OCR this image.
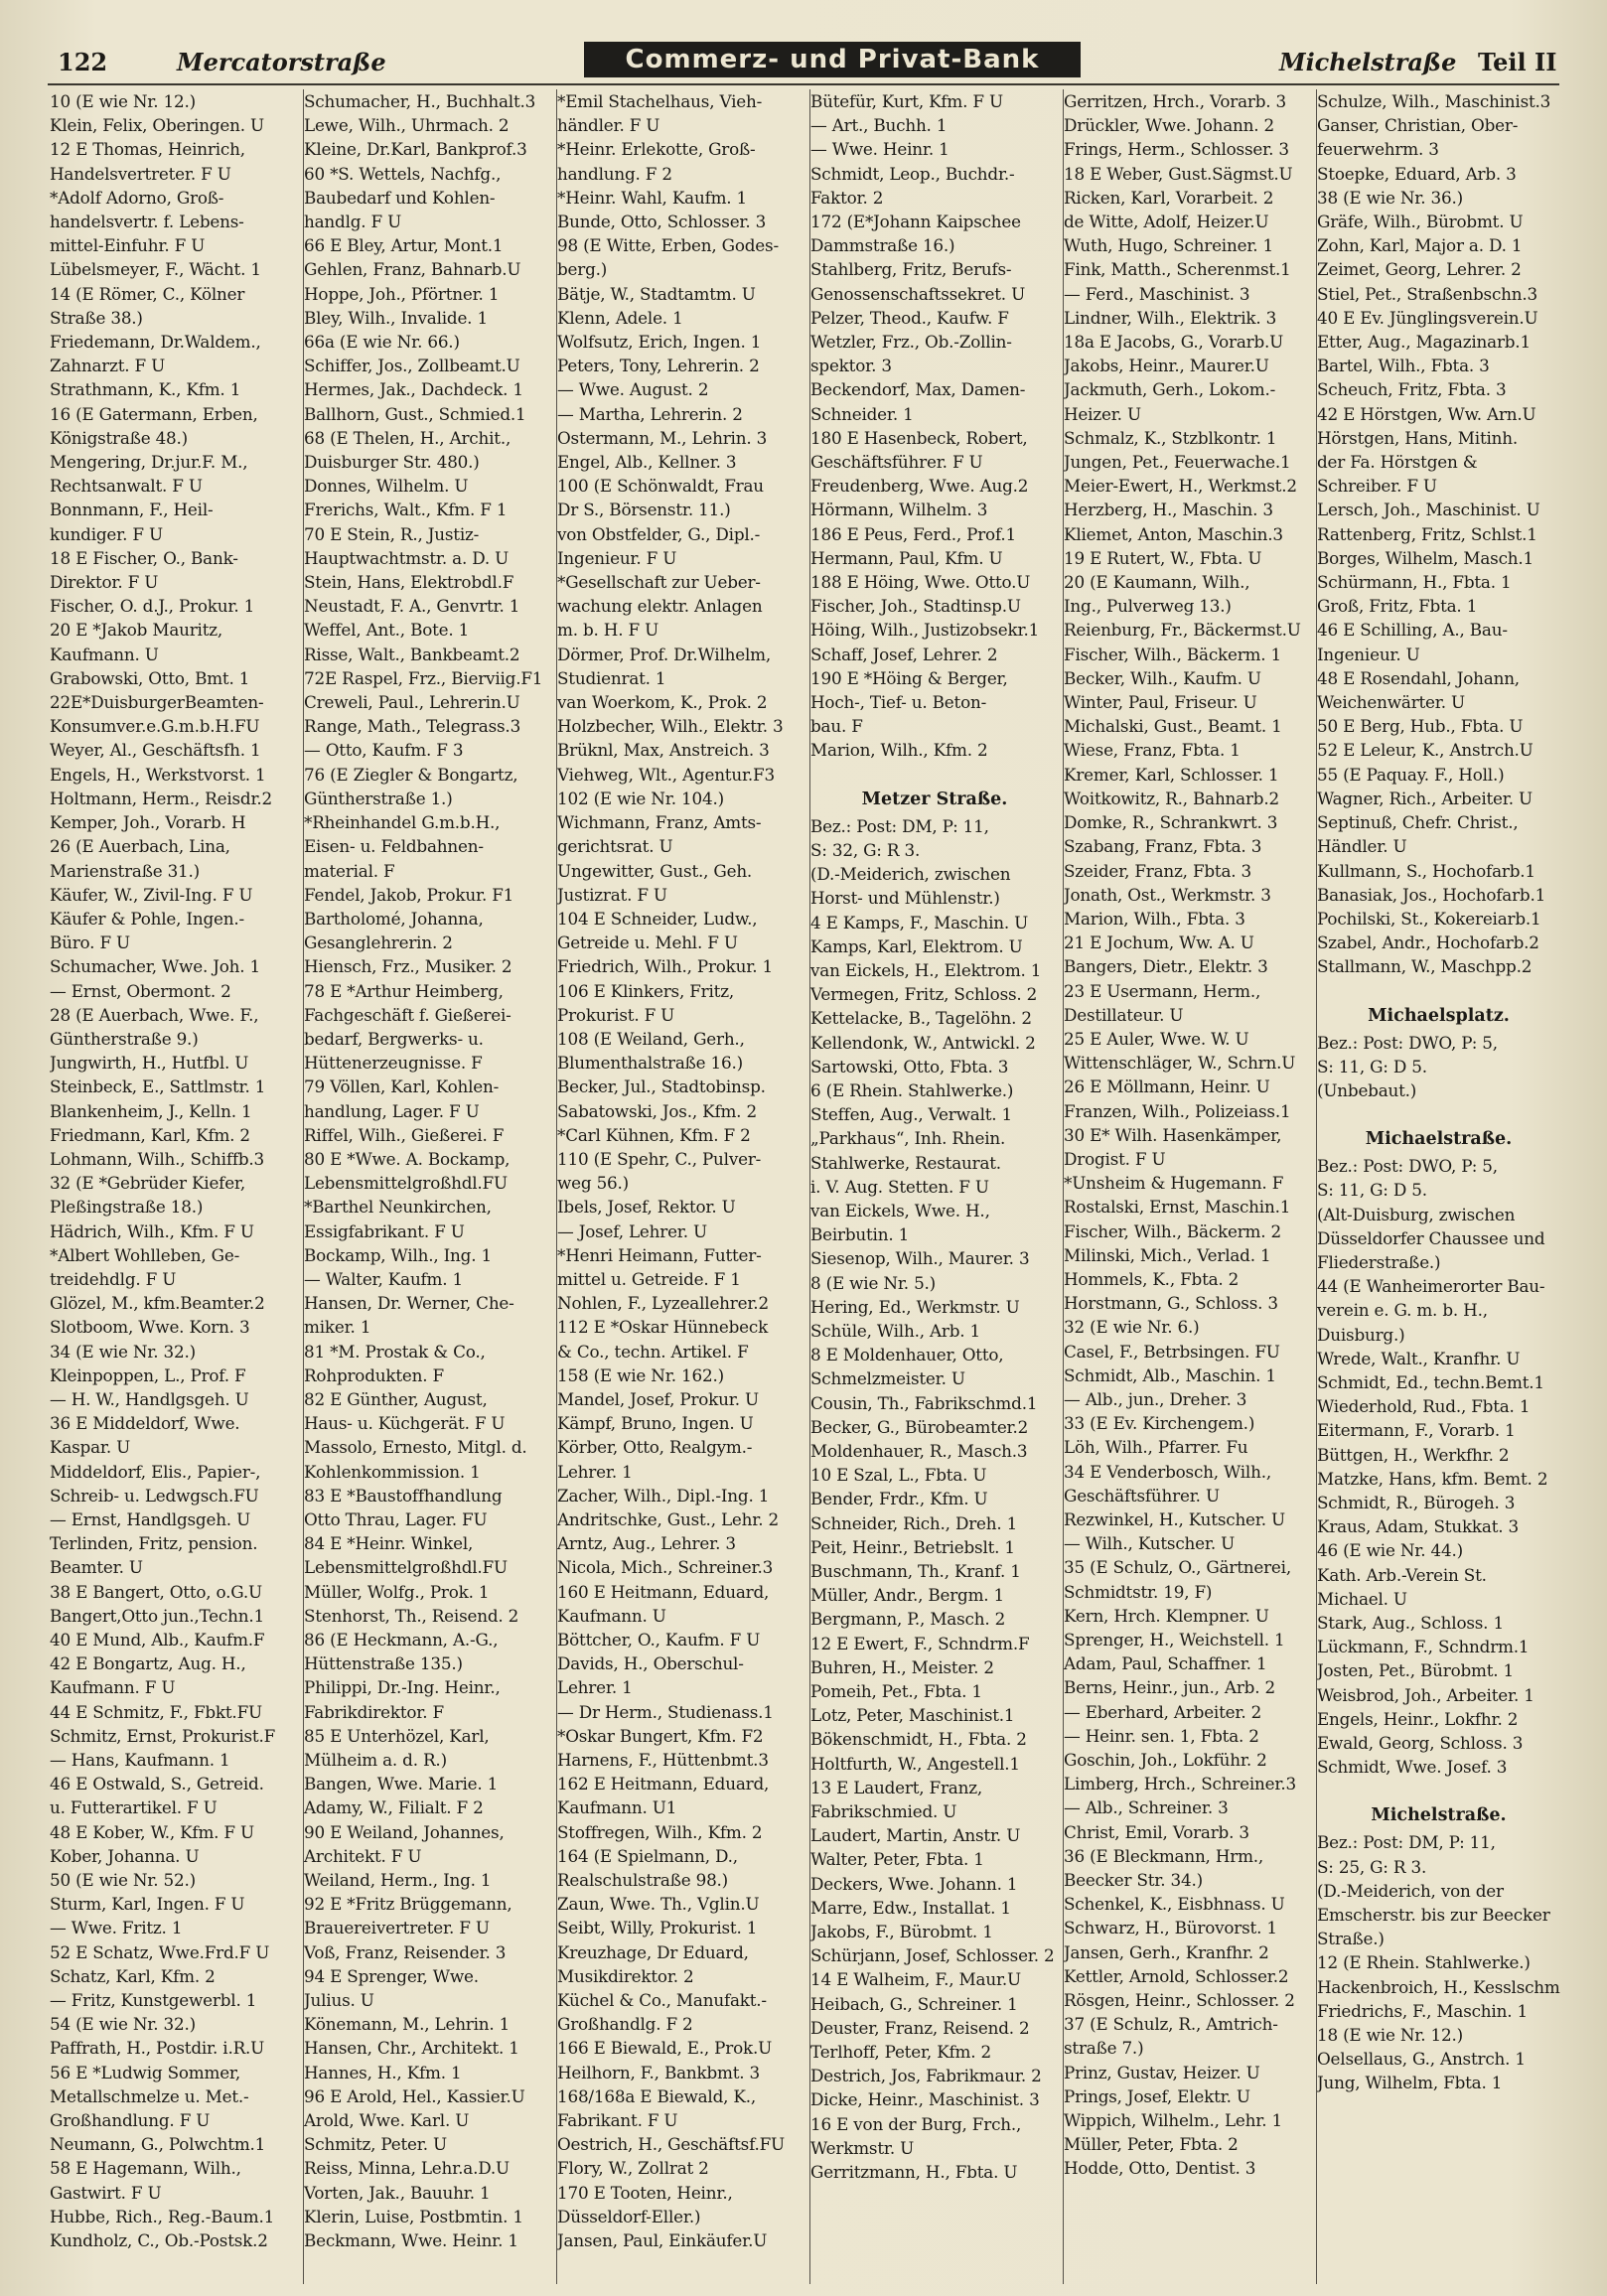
122	Mercatorstraße	Commerz- und Privat-Bank	Michelstraße Teil II
10 (E wie Nr. 12.)
Klein, Felix, Oberingen. U
12 E Thomas, Heinrich,
Handelsvertreter. F U
*Adolf Adorno, Groß-
handelsvertr. f. Lebens-
mittel-Einfuhr. F U
Lübelsmeyer, F., Wächt. 1
14 (E Römer, C., Kölner
Straße 38.)
Friedemann, Dr.Waldem.,
Zahnarzt. F U
Strathmann, K., Kfm. 1
16 (E Gatermann, Erben,
Königstraße 48.)
Mengering, Dr.jur.F. M.,
Rechtsanwalt. F U
Bonnmann, F., Heil-
kundiger. F U
18 E Fischer, O., Bank-
Direktor. F U
Fischer, O. d.J., Prokur. 1
20 E *Jakob Mauritz,
Kaufmann. U
Grabowski, Otto, Bmt. 1
22E*DuisburgerBeamten-
Konsumver.e.G.m.b.H.FU
Weyer, Al., Geschäftsfh. 1
Engels, H., Werkstvorst. 1
Holtmann, Herm., Reisdr.2
Kemper, Joh., Vorarb. H
26 (E Auerbach, Lina,
Marienstraße 31.)
Käufer, W., Zivil-Ing. F U
Käufer & Pohle, Ingen.-
Büro. F U
Schumacher, Wwe. Joh. 1
— Ernst, Obermont. 2
28 (E Auerbach, Wwe. F.,
Güntherstraße 9.)
Jungwirth, H., Hutfbl. U
Steinbeck, E., Sattlmstr. 1
Blankenheim, J., Kelln. 1
Friedmann, Karl, Kfm. 2
Lohmann, Wilh., Schiffb.3
32 (E *Gebrüder Kiefer,
Pleßingstraße 18.)
Hädrich, Wilh., Kfm. F U
*Albert Wohlleben, Ge-
treidehdlg. F U
Glözel, M., kfm.Beamter.2
Slotboom, Wwe. Korn. 3
34 (E wie Nr. 32.)
Kleinpoppen, L., Prof. F
— H. W., Handlgsgeh. U
36 E Middeldorf, Wwe.
Kaspar. U
Middeldorf, Elis., Papier-,
Schreib- u. Ledwgsch.FU
— Ernst, Handlgsgeh. U
Terlinden, Fritz, pension.
Beamter. U
38 E Bangert, Otto, o.G.U
Bangert,Otto jun.,Techn.1
40 E Mund, Alb., Kaufm.F
42 E Bongartz, Aug. H.,
Kaufmann. F U
44 E Schmitz, F., Fbkt.FU
Schmitz, Ernst, Prokurist.F
— Hans, Kaufmann. 1
46 E Ostwald, S., Getreid.
u. Futterartikel. F U
48 E Kober, W., Kfm. F U
Kober, Johanna. U
50 (E wie Nr. 52.)
Sturm, Karl, Ingen. F U
— Wwe. Fritz. 1
52 E Schatz, Wwe.Frd.F U
Schatz, Karl, Kfm. 2
— Fritz, Kunstgewerbl. 1
54 (E wie Nr. 32.)
Paffrath, H., Postdir. i.R.U
56 E *Ludwig Sommer,
Metallschmelze u. Met.-
Großhandlung. F U
Neumann, G., Polwchtm.1
58 E Hagemann, Wilh.,
Gastwirt. F U
Hubbe, Rich., Reg.-Baum.1
Kundholz, C., Ob.-Postsk.2
Schumacher, H., Buchhalt.3
Lewe, Wilh., Uhrmach. 2
Kleine, Dr.Karl, Bankprof.3
60 *S. Wettels, Nachfg.,
Baubedarf und Kohlen-
handlg. F U
66 E Bley, Artur, Mont.1
Gehlen, Franz, Bahnarb.U
Hoppe, Joh., Pförtner. 1
Bley, Wilh., Invalide. 1
66a (E wie Nr. 66.)
Schiffer, Jos., Zollbeamt.U
Hermes, Jak., Dachdeck. 1
Ballhorn, Gust., Schmied.1
68 (E Thelen, H., Archit.,
Duisburger Str. 480.)
Donnes, Wilhelm. U
Frerichs, Walt., Kfm. F 1
70 E Stein, R., Justiz-
Hauptwachtmstr. a. D. U
Stein, Hans, Elektrobdl.F
Neustadt, F. A., Genvrtr. 1
Weffel, Ant., Bote. 1
Risse, Walt., Bankbeamt.2
72E Raspel, Frz., Bierviig.F1
Creweli, Paul., Lehrerin.U
Range, Math., Telegrass.3
— Otto, Kaufm. F 3
76 (E Ziegler & Bongartz,
Güntherstraße 1.)
*Rheinhandel G.m.b.H.,
Eisen- u. Feldbahnen-
material. F
Fendel, Jakob, Prokur. F1
Bartholomé, Johanna,
Gesanglehrerin. 2
Hiensch, Frz., Musiker. 2
78 E *Arthur Heimberg,
Fachgeschäft f. Gießerei-
bedarf, Bergwerks- u.
Hüttenerzeugnisse. F
79 Völlen, Karl, Kohlen-
handlung, Lager. F U
Riffel, Wilh., Gießerei. F
80 E *Wwe. A. Bockamp,
Lebensmittelgroßhdl.FU
*Barthel Neunkirchen,
Essigfabrikant. F U
Bockamp, Wilh., Ing. 1
— Walter, Kaufm. 1
Hansen, Dr. Werner, Che-
miker. 1
81 *M. Prostak & Co.,
Rohprodukten. F
82 E Günther, August,
Haus- u. Küchgerät. F U
Massolo, Ernesto, Mitgl. d.
Kohlenkommission. 1
83 E *Baustoffhandlung
Otto Thrau, Lager. FU
84 E *Heinr. Winkel,
Lebensmittelgroßhdl.FU
Müller, Wolfg., Prok. 1
Stenhorst, Th., Reisend. 2
86 (E Heckmann, A.-G.,
Hüttenstraße 135.)
Philippi, Dr.-Ing. Heinr.,
Fabrikdirektor. F
85 E Unterhözel, Karl,
Mülheim a. d. R.)
Bangen, Wwe. Marie. 1
Adamy, W., Filialt. F 2
90 E Weiland, Johannes,
Architekt. F U
Weiland, Herm., Ing. 1
92 E *Fritz Brüggemann,
Brauereivertreter. F U
Voß, Franz, Reisender. 3
94 E Sprenger, Wwe.
Julius. U
Könemann, M., Lehrin. 1
Hansen, Chr., Architekt. 1
Hannes, H., Kfm. 1
96 E Arold, Hel., Kassier.U
Arold, Wwe. Karl. U
Schmitz, Peter. U
Reiss, Minna, Lehr.a.D.U
Vorten, Jak., Bauuhr. 1
Klerin, Luise, Postbmtin. 1
Beckmann, Wwe. Heinr. 1
*Emil Stachelhaus, Vieh-
händler. F U
*Heinr. Erlekotte, Groß-
handlung. F 2
*Heinr. Wahl, Kaufm. 1
Bunde, Otto, Schlosser. 3
98 (E Witte, Erben, Godes-
berg.)
Bätje, W., Stadtamtm. U
Klenn, Adele. 1
Wolfsutz, Erich, Ingen. 1
Peters, Tony, Lehrerin. 2
— Wwe. August. 2
— Martha, Lehrerin. 2
Ostermann, M., Lehrin. 3
Engel, Alb., Kellner. 3
100 (E Schönwaldt, Frau
Dr S., Börsenstr. 11.)
von Obstfelder, G., Dipl.-
Ingenieur. F U
*Gesellschaft zur Ueber-
wachung elektr. Anlagen
m. b. H. F U
Dörmer, Prof. Dr.Wilhelm,
Studienrat. 1
van Woerkom, K., Prok. 2
Holzbecher, Wilh., Elektr. 3
Brüknl, Max, Anstreich. 3
Viehweg, Wlt., Agentur.F3
102 (E wie Nr. 104.)
Wichmann, Franz, Amts-
gerichtsrat. U
Ungewitter, Gust., Geh.
Justizrat. F U
104 E Schneider, Ludw.,
Getreide u. Mehl. F U
Friedrich, Wilh., Prokur. 1
106 E Klinkers, Fritz,
Prokurist. F U
108 (E Weiland, Gerh.,
Blumenthalstraße 16.)
Becker, Jul., Stadtobinsp.
Sabatowski, Jos., Kfm. 2
*Carl Kühnen, Kfm. F 2
110 (E Spehr, C., Pulver-
weg 56.)
Ibels, Josef, Rektor. U
— Josef, Lehrer. U
*Henri Heimann, Futter-
mittel u. Getreide. F 1
Nohlen, F., Lyzeallehrer.2
112 E *Oskar Hünnebeck
& Co., techn. Artikel. F
158 (E wie Nr. 162.)
Mandel, Josef, Prokur. U
Kämpf, Bruno, Ingen. U
Körber, Otto, Realgym.-
Lehrer. 1
Zacher, Wilh., Dipl.-Ing. 1
Andritschke, Gust., Lehr. 2
Arntz, Aug., Lehrer. 3
Nicola, Mich., Schreiner.3
160 E Heitmann, Eduard,
Kaufmann. U
Böttcher, O., Kaufm. F U
Davids, H., Oberschul-
Lehrer. 1
— Dr Herm., Studienass.1
*Oskar Bungert, Kfm. F2
Harnens, F., Hüttenbmt.3
162 E Heitmann, Eduard,
Kaufmann. U1
Stoffregen, Wilh., Kfm. 2
164 (E Spielmann, D.,
Realschulstraße 98.)
Zaun, Wwe. Th., Vglin.U
Seibt, Willy, Prokurist. 1
Kreuzhage, Dr Eduard,
Musikdirektor. 2
Küchel & Co., Manufakt.-
Großhandlg. F 2
166 E Biewald, E., Prok.U
Heilhorn, F., Bankbmt. 3
168/168a E Biewald, K.,
Fabrikant. F U
Oestrich, H., Geschäftsf.FU
Flory, W., Zollrat 2
170 E Tooten, Heinr.,
Düsseldorf-Eller.)
Jansen, Paul, Einkäufer.U
Bütefür, Kurt, Kfm. F U
— Art., Buchh. 1
— Wwe. Heinr. 1
Schmidt, Leop., Buchdr.-
Faktor. 2
172 (E*Johann Kaipschee
Dammstraße 16.)
Stahlberg, Fritz, Berufs-
Genossenschaftssekret. U
Pelzer, Theod., Kaufw. F
Wetzler, Frz., Ob.-Zollin-
spektor. 3
Beckendorf, Max, Damen-
Schneider. 1
180 E Hasenbeck, Robert,
Geschäftsführer. F U
Freudenberg, Wwe. Aug.2
Hörmann, Wilhelm. 3
186 E Peus, Ferd., Prof.1
Hermann, Paul, Kfm. U
188 E Höing, Wwe. Otto.U
Fischer, Joh., Stadtinsp.U
Höing, Wilh., Justizobsekr.1
Schaff, Josef, Lehrer. 2
190 E *Höing & Berger,
Hoch-, Tief- u. Beton-
bau. F
Marion, Wilh., Kfm. 2
Metzer Straße.
Bez.: Post: DM, P: 11,
S: 32, G: R 3.
(D.-Meiderich, zwischen
Horst- und Mühlenstr.)
4 E Kamps, F., Maschin. U
Kamps, Karl, Elektrom. U
van Eickels, H., Elektrom. 1
Vermegen, Fritz, Schloss. 2
Kettelacke, B., Tagelöhn. 2
Kellendonk, W., Antwickl. 2
Sartowski, Otto, Fbta. 3
6 (E Rhein. Stahlwerke.)
Steffen, Aug., Verwalt. 1
„Parkhaus“, Inh. Rhein.
Stahlwerke, Restaurat.
i. V. Aug. Stetten. F U
van Eickels, Wwe. H.,
Beirbutin. 1
Siesenop, Wilh., Maurer. 3
8 (E wie Nr. 5.)
Hering, Ed., Werkmstr. U
Schüle, Wilh., Arb. 1
8 E Moldenhauer, Otto,
Schmelzmeister. U
Cousin, Th., Fabrikschmd.1
Becker, G., Bürobeamter.2
Moldenhauer, R., Masch.3
10 E Szal, L., Fbta. U
Bender, Frdr., Kfm. U
Schneider, Rich., Dreh. 1
Peit, Heinr., Betriebslt. 1
Buschmann, Th., Kranf. 1
Müller, Andr., Bergm. 1
Bergmann, P., Masch. 2
12 E Ewert, F., Schndrm.F
Buhren, H., Meister. 2
Pomeih, Pet., Fbta. 1
Lotz, Peter, Maschinist.1
Bökenschmidt, H., Fbta. 2
Holtfurth, W., Angestell.1
13 E Laudert, Franz,
Fabrikschmied. U
Laudert, Martin, Anstr. U
Walter, Peter, Fbta. 1
Deckers, Wwe. Johann. 1
Marre, Edw., Installat. 1
Jakobs, F., Bürobmt. 1
Schürjann, Josef, Schlosser. 2
14 E Walheim, F., Maur.U
Heibach, G., Schreiner. 1
Deuster, Franz, Reisend. 2
Terlhoff, Peter, Kfm. 2
Destrich, Jos, Fabrikmaur. 2
Dicke, Heinr., Maschinist. 3
16 E von der Burg, Frch.,
Werkmstr. U
Gerritzmann, H., Fbta. U
Gerritzen, Hrch., Vorarb. 3
Drückler, Wwe. Johann. 2
Frings, Herm., Schlosser. 3
18 E Weber, Gust.Sägmst.U
Ricken, Karl, Vorarbeit. 2
de Witte, Adolf, Heizer.U
Wuth, Hugo, Schreiner. 1
Fink, Matth., Scherenmst.1
— Ferd., Maschinist. 3
Lindner, Wilh., Elektrik. 3
18a E Jacobs, G., Vorarb.U
Jakobs, Heinr., Maurer.U
Jackmuth, Gerh., Lokom.-
Heizer. U
Schmalz, K., Stzblkontr. 1
Jungen, Pet., Feuerwache.1
Meier-Ewert, H., Werkmst.2
Herzberg, H., Maschin. 3
Kliemet, Anton, Maschin.3
19 E Rutert, W., Fbta. U
20 (E Kaumann, Wilh.,
Ing., Pulverweg 13.)
Reienburg, Fr., Bäckermst.U
Fischer, Wilh., Bäckerm. 1
Becker, Wilh., Kaufm. U
Winter, Paul, Friseur. U
Michalski, Gust., Beamt. 1
Wiese, Franz, Fbta. 1
Kremer, Karl, Schlosser. 1
Woitkowitz, R., Bahnarb.2
Domke, R., Schrankwrt. 3
Szabang, Franz, Fbta. 3
Szeider, Franz, Fbta. 3
Jonath, Ost., Werkmstr. 3
Marion, Wilh., Fbta. 3
21 E Jochum, Ww. A. U
Bangers, Dietr., Elektr. 3
23 E Usermann, Herm.,
Destillateur. U
25 E Auler, Wwe. W. U
Wittenschläger, W., Schrn.U
26 E Möllmann, Heinr. U
Franzen, Wilh., Polizeiass.1
30 E* Wilh. Hasenkämper,
Drogist. F U
*Unsheim & Hugemann. F
Rostalski, Ernst, Maschin.1
Fischer, Wilh., Bäckerm. 2
Milinski, Mich., Verlad. 1
Hommels, K., Fbta. 2
Horstmann, G., Schloss. 3
32 (E wie Nr. 6.)
Casel, F., Betrbsingen. FU
Schmidt, Alb., Maschin. 1
— Alb., jun., Dreher. 3
33 (E Ev. Kirchengem.)
Löh, Wilh., Pfarrer. Fu
34 E Venderbosch, Wilh.,
Geschäftsführer. U
Rezwinkel, H., Kutscher. U
— Wilh., Kutscher. U
35 (E Schulz, O., Gärtnerei,
Schmidtstr. 19, F)
Kern, Hrch. Klempner. U
Sprenger, H., Weichstell. 1
Adam, Paul, Schaffner. 1
Berns, Heinr., jun., Arb. 2
— Eberhard, Arbeiter. 2
— Heinr. sen. 1, Fbta. 2
Goschin, Joh., Lokführ. 2
Limberg, Hrch., Schreiner.3
— Alb., Schreiner. 3
Christ, Emil, Vorarb. 3
36 (E Bleckmann, Hrm.,
Beecker Str. 34.)
Schenkel, K., Eisbhnass. U
Schwarz, H., Bürovorst. 1
Jansen, Gerh., Kranfhr. 2
Kettler, Arnold, Schlosser.2
Rösgen, Heinr., Schlosser. 2
37 (E Schulz, R., Amtrich-
straße 7.)
Prinz, Gustav, Heizer. U
Prings, Josef, Elektr. U
Wippich, Wilhelm., Lehr. 1
Müller, Peter, Fbta. 2
Hodde, Otto, Dentist. 3
Schulze, Wilh., Maschinist.3
Ganser, Christian, Ober-
feuerwehrm. 3
Stoepke, Eduard, Arb. 3
38 (E wie Nr. 36.)
Gräfe, Wilh., Bürobmt. U
Zohn, Karl, Major a. D. 1
Zeimet, Georg, Lehrer. 2
Stiel, Pet., Straßenbschn.3
40 E Ev. Jünglingsverein.U
Etter, Aug., Magazinarb.1
Bartel, Wilh., Fbta. 3
Scheuch, Fritz, Fbta. 3
42 E Hörstgen, Ww. Arn.U
Hörstgen, Hans, Mitinh.
der Fa. Hörstgen &
Schreiber. F U
Lersch, Joh., Maschinist. U
Rattenberg, Fritz, Schlst.1
Borges, Wilhelm, Masch.1
Schürmann, H., Fbta. 1
Groß, Fritz, Fbta. 1
46 E Schilling, A., Bau-
Ingenieur. U
48 E Rosendahl, Johann,
Weichenwärter. U
50 E Berg, Hub., Fbta. U
52 E Leleur, K., Anstrch.U
55 (E Paquay. F., Holl.)
Wagner, Rich., Arbeiter. U
Septinuß, Chefr. Christ.,
Händler. U
Kullmann, S., Hochofarb.1
Banasiak, Jos., Hochofarb.1
Pochilski, St., Kokereiarb.1
Szabel, Andr., Hochofarb.2
Stallmann, W., Maschpp.2
Michaelsplatz.
Bez.: Post: DWO, P: 5,
S: 11, G: D 5.
(Unbebaut.)
Michaelstraße.
Bez.: Post: DWO, P: 5,
S: 11, G: D 5.
(Alt-Duisburg, zwischen
Düsseldorfer Chaussee und
Fliederstraße.)
44 (E Wanheimerorter Bau-
verein e. G. m. b. H.,
Duisburg.)
Wrede, Walt., Kranfhr. U
Schmidt, Ed., techn.Bemt.1
Wiederhold, Rud., Fbta. 1
Eitermann, F., Vorarb. 1
Büttgen, H., Werkfhr. 2
Matzke, Hans, kfm. Bemt. 2
Schmidt, R., Bürogeh. 3
Kraus, Adam, Stukkat. 3
46 (E wie Nr. 44.)
Kath. Arb.-Verein St.
Michael. U
Stark, Aug., Schloss. 1
Lückmann, F., Schndrm.1
Josten, Pet., Bürobmt. 1
Weisbrod, Joh., Arbeiter. 1
Engels, Heinr., Lokfhr. 2
Ewald, Georg, Schloss. 3
Schmidt, Wwe. Josef. 3
Michelstraße.
Bez.: Post: DM, P: 11,
S: 25, G: R 3.
(D.-Meiderich, von der
Emscherstr. bis zur Beecker
Straße.)
12 (E Rhein. Stahlwerke.)
Hackenbroich, H., Kesslschm
Friedrichs, F., Maschin. 1
18 (E wie Nr. 12.)
Oelsellaus, G., Anstrch. 1
Jung, Wilhelm, Fbta. 1
